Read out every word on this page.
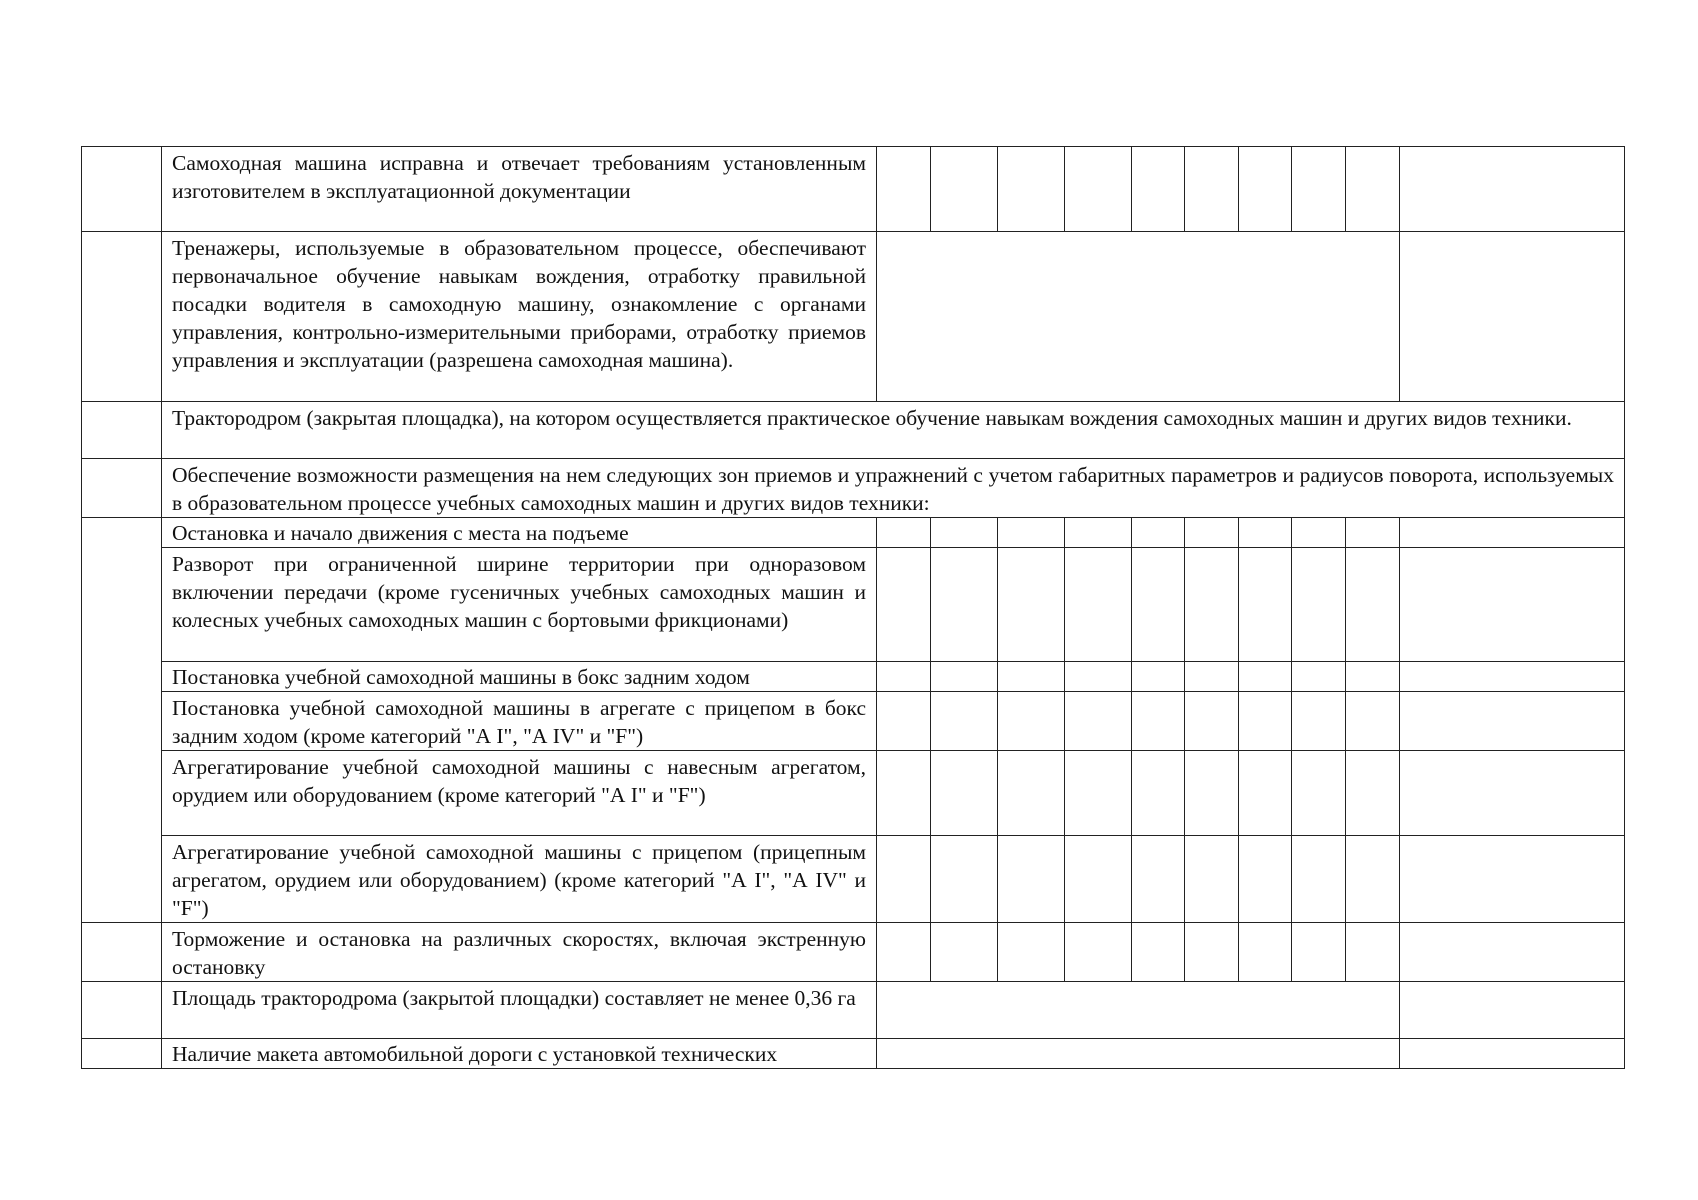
	Самоходная машина исправна и отвечает требованиям установленным изготовителем в эксплуатационной документации										
	Тренажеры, используемые в образовательном процессе, обеспечивают первоначальное обучение навыкам вождения, отработку правильной посадки водителя в самоходную машину, ознакомление с органами управления, контрольно-измерительными приборами, отработку приемов управления и эксплуатации (разрешена самоходная машина).										
	Трактородром (закрытая площадка), на котором осуществляется практическое обучение навыкам вождения самоходных машин и других видов техники.										
	Обеспечение возможности размещения на нем следующих зон приемов и упражнений с учетом габаритных параметров и радиусов поворота, используемых в образовательном процессе учебных самоходных машин и других видов техники:										
	Остановка и начало движения с места на подъеме										
	Разворот при ограниченной ширине территории при одноразовом включении передачи (кроме гусеничных учебных самоходных машин и колесных учебных самоходных машин с бортовыми фрикционами)										
	Постановка учебной самоходной машины в бокс задним ходом										
	Постановка учебной самоходной машины в агрегате с прицепом в бокс задним ходом (кроме категорий "А I", "А IV" и "F")										
	Агрегатирование учебной самоходной машины с навесным агрегатом, орудием или оборудованием (кроме категорий "А I" и "F")										
	Агрегатирование учебной самоходной машины с прицепом (прицепным агрегатом, орудием или оборудованием) (кроме категорий "А I", "А IV" и "F")										
	Торможение и остановка на различных скоростях, включая экстренную остановку										
	Площадь трактородрома (закрытой площадки) составляет не менее 0,36 га										
	Наличие макета автомобильной дороги с установкой технических										
